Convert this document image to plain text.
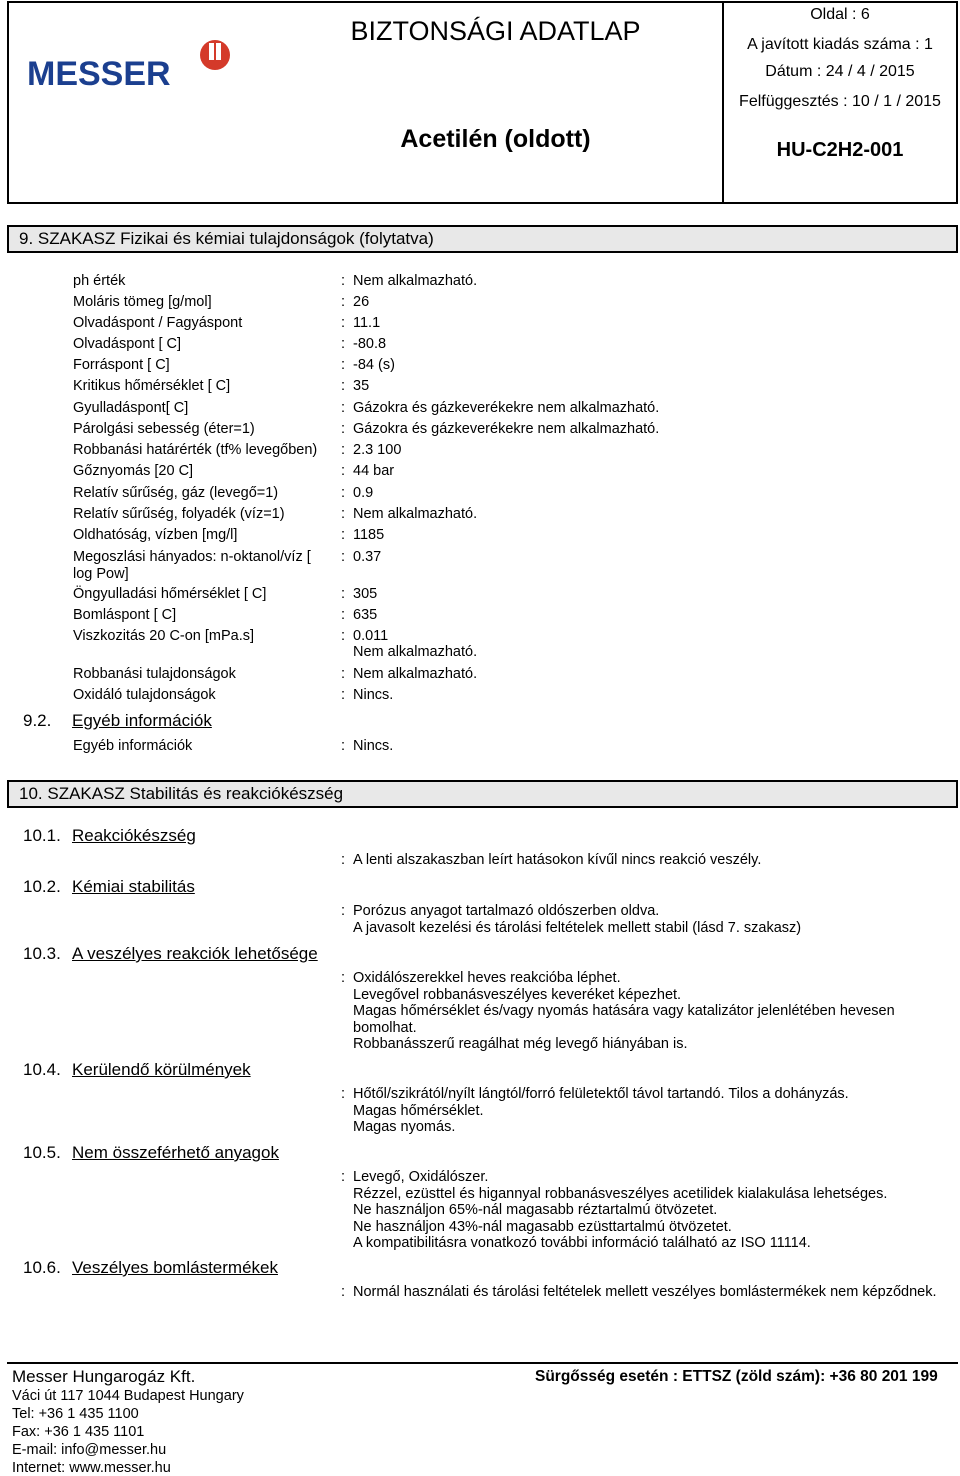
MESSER
BIZTONSÁGI ADATLAP
Acetilén (oldott)
Oldal : 6
A javított kiadás száma : 1
Dátum : 24 / 4 / 2015
Felfüggesztés : 10 / 1 / 2015
HU-C2H2-001
9. SZAKASZ Fizikai és kémiai tulajdonságok (folytatva)
ph érték	: Nem alkalmazható.
Moláris tömeg [g/mol]	: 26
Olvadáspont / Fagyáspont	: 11.1
Olvadáspont [ C]	: -80.8
Forráspont [ C]	: -84 (s)
Kritikus hőmérséklet [ C]	: 35
Gyulladáspont[ C]	: Gázokra és gázkeverékekre nem alkalmazható.
Párolgási sebesség (éter=1)	: Gázokra és gázkeverékekre nem alkalmazható.
Robbanási határérték (tf% levegőben) : 2.3 100
Gőznyomás [20 C]	: 44 bar
Relatív sűrűség, gáz (levegő=1)	: 0.9
Relatív sűrűség, folyadék (víz=1)	: Nem alkalmazható.
Oldhatóság, vízben [mg/l]	: 1185
Megoszlási hányados: n-oktanol/víz [
log Pow]
: 0.37
Öngyulladási hőmérséklet [ C]	: 305
Bomláspont [ C]	: 635
Viszkozitás 20 C-on [mPa.s]	: 0.011
Nem alkalmazható.
Robbanási tulajdonságok	: Nem alkalmazható.
Oxidáló tulajdonságok	: Nincs.
9.2. Egyéb információk
Egyéb információk	: Nincs.
10. SZAKASZ Stabilitás és reakciókészség
10.1. Reakciókészség
: A lenti alszakaszban leírt hatásokon kívűl nincs reakció veszély.
10.2. Kémiai stabilitás
: Porózus anyagot tartalmazó oldószerben oldva.
A javasolt kezelési és tárolási feltételek mellett stabil (lásd 7. szakasz)
10.3. A veszélyes reakciók lehetősége
: Oxidálószerekkel heves reakcióba léphet.
Levegővel robbanásveszélyes keveréket képezhet.
Magas hőmérséklet és/vagy nyomás hatására vagy katalizátor jelenlétében hevesen
bomolhat.
Robbanásszerű reagálhat még levegő hiányában is.
10.4. Kerülendő körülmények
: Hőtől/szikrától/nyílt lángtól/forró felületektől távol tartandó. Tilos a dohányzás.
Magas hőmérséklet.
Magas nyomás.
10.5. Nem összeférhető anyagok
: Levegő, Oxidálószer.
Rézzel, ezüsttel és higannyal robbanásveszélyes acetilidek kialakulása lehetséges.
Ne használjon 65%-nál magasabb réztartalmú ötvözetet.
Ne használjon 43%-nál magasabb ezüsttartalmú ötvözetet.
A kompatibilitásra vonatkozó további információ található az ISO 11114.
10.6. Veszélyes bomlástermékek
: Normál használati és tárolási feltételek mellett veszélyes bomlástermékek nem képződnek.
Messer Hungarogáz Kft.
Váci út 117 1044 Budapest Hungary
Tel: +36 1 435 1100
Fax: +36 1 435 1101
E-mail: info@messer.hu
Internet: www.messer.hu
Sürgősség esetén : ETTSZ (zöld szám): +36 80 201 199
